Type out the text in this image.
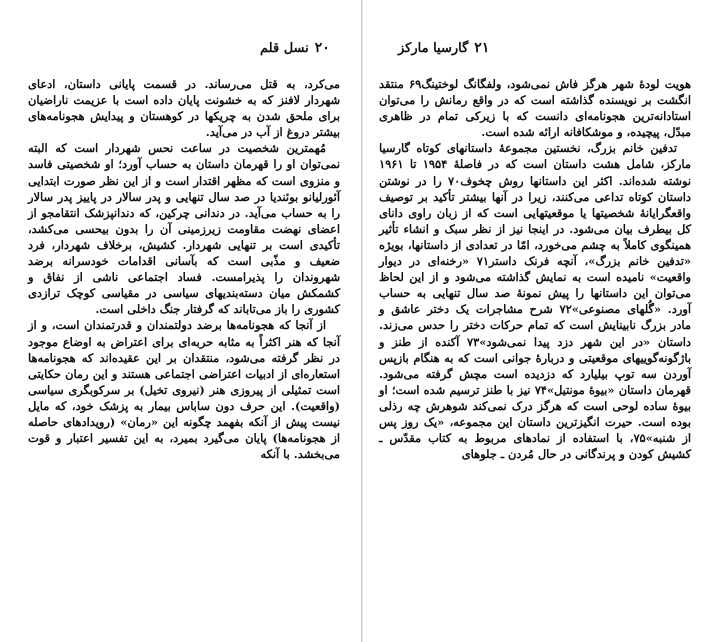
۲۰
نسل قلم

می‌کرد، به قتل می‌رساند. در قسمت پایانی داستان، ادعای شهردار لافنز که به خشونت پایان داده است با عزیمت ناراضیان برای ملحق شدن به چریکها در کوهستان و پیدایش هجونامه‌های بیشتر دروغ از آب در می‌آید.

مُهمترین شخصیت در ساعت نحس شهردار است که البته نمی‌توان او را قهرمان داستان به حساب آورد؛ او شخصیتی فاسد و منزوی است که مظهر اقتدار است و از این نظر صورت ابتدایی آئورلیانو بوئندیا در صد سال تنهایی و پدر سالار در پاییز پدر سالار را به حساب می‌آید. در دندانی چرکین، که دندانپزشک انتقامجو از اعضای نهضت مقاومت زیرزمینی آن را بدون بیحسی می‌کشد، تأکیدی است بر تنهایی شهردار. کشیش، برخلاف شهردار، فرد ضعیف و مذّبی است که بآسانی اقدامات خودسرانه برضد شهروندان را پذیرامست. فساد اجتماعی ناشی از نفاق و کشمکش میان دسته‌بندیهای سیاسی در مقیاسی کوچک ترازدی کشوری را باز می‌تاباند که گرفتار جنگ داخلی است.

از آنجا که هجونامه‌ها برضد دولتمندان و قدرتمندان است، و از آنجا که هنر اکثراً به مثابه حربه‌ای برای اعتراض به اوضاع موجود در نظر گرفته می‌شود، منتقدان بر این عقیده‌اند که هجونامه‌ها استعاره‌ای از ادبیات اعتراضی اجتماعی هستند و این رمان حکایتی است تمثیلی از پیروزی هنر (نیروی تخیل) بر سرکوبگری سیاسی (واقعیت). این حرف دون ساباس بیمار به پزشک خود، که مایل نیست پیش از آنکه بفهمد چگونه این «رمان» (رویدادهای حاصله از هجونامه‌ها) پایان می‌گیرد بمیرد، به این تفسیر اعتبار و قوت می‌بخشد. با آنکه

۲۱
گارسیا مارکز

هویت لودهٔ شهر هرگز فاش نمی‌شود، ولفگانگ لوختینگ۶۹ منتقد انگشت بر نویسنده گذاشته است که در واقع رمانش را می‌توان استادانه‌ترین هجونامه‌ای دانست که با زیرکی تمام در ظاهری مبدّل، پیچیده، و موشکافانه ارائه شده است.

تدفین خانم بزرگ، نخستین مجموعهٔ داستانهای کوتاه گارسیا مارکز، شامل هشت داستان است که در فاصلهٔ ۱۹۵۴ تا ۱۹۶۱ نوشته شده‌اند. اکثر این داستانها روش چخوف۷۰ را در نوشتن داستان کوتاه تداعی می‌کنند، زیرا در آنها بیشتر تأکید بر توصیف واقعگرایانهٔ شخصیتها یا موقعیتهایی است که از زبان راوی دانای کل بیطرف بیان می‌شود. در اینجا نیز از نظر سبک و انشاء تأثیر همینگوی کاملاً به چشم می‌خورد، امّا در تعدادی از داستانها، بویژه «تدفین خانم بزرگ»، آنچه فرنک داستر۷۱ «رخنه‌ای در دیوار واقعیت» نامیده است به نمایش گذاشته می‌شود و از این لحاظ می‌توان این داستانها را پیش نمونهٔ صد سال تنهایی به حساب آورد. «گُلهای مصنوعی»۷۲ شرح مشاجرات یک دختر عاشق و مادر بزرگ نابینایش است که تمام حرکات دختر را حدس می‌زند. داستان «در این شهر دزد پیدا نمی‌شود»۷۳ آکنده از طنز و باژگونه‌گوییهای موقعیتی و دربارهٔ جوانی است که به هنگام بازپس آوردن سه توپ بیلیارد که دزدیده است مچش گرفته می‌شود. قهرمان داستان «بیوهٔ مونتیل»۷۴ نیز با طنز ترسیم شده است؛ او بیوهٔ ساده لوحی است که هرگز درک نمی‌کند شوهرش چه رذلی بوده است. حیرت انگیزترین داستان این مجموعه، «یک روز پس از شنبه»۷۵، با استفاده از نمادهای مربوط به کتاب مقدّس ـ کشیش کودن و پرندگانی در حال مُردن ـ جلوهای
